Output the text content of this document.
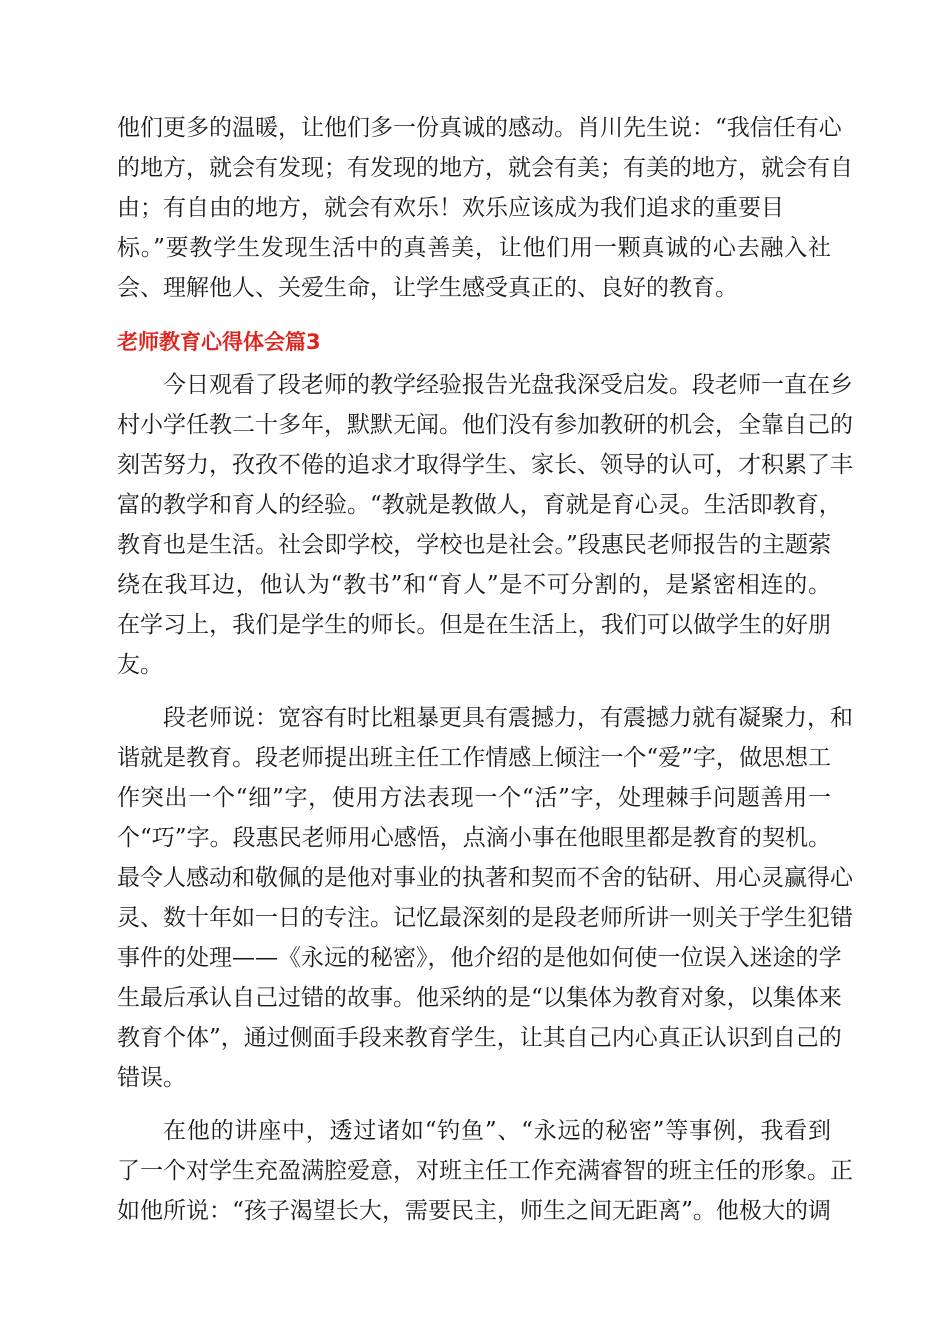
他们更多的温暖，让他们多一份真诚的感动。肖川先生说：“我信任有心
的地方，就会有发现；有发现的地方，就会有美；有美的地方，就会有自
由；有自由的地方，就会有欢乐！欢乐应该成为我们追求的重要目
标。”要教学生发现生活中的真善美，让他们用一颗真诚的心去融入社
会、理解他人、关爱生命，让学生感受真正的、良好的教育。
老师教育心得体会篇3
今日观看了段老师的教学经验报告光盘我深受启发。段老师一直在乡
村小学任教二十多年，默默无闻。他们没有参加教研的机会，全靠自己的
刻苦努力，孜孜不倦的追求才取得学生、家长、领导的认可，才积累了丰
富的教学和育人的经验。“教就是教做人，育就是育心灵。生活即教育，
教育也是生活。社会即学校，学校也是社会。”段惠民老师报告的主题萦
绕在我耳边，他认为“教书”和“育人”是不可分割的，是紧密相连的。
在学习上，我们是学生的师长。但是在生活上，我们可以做学生的好朋
友。
段老师说：宽容有时比粗暴更具有震撼力，有震撼力就有凝聚力，和
谐就是教育。段老师提出班主任工作情感上倾注一个“爱”字，做思想工
作突出一个“细”字，使用方法表现一个“活”字，处理棘手问题善用一
个“巧”字。段惠民老师用心感悟，点滴小事在他眼里都是教育的契机。
最令人感动和敬佩的是他对事业的执著和契而不舍的钻研、用心灵赢得心
灵、数十年如一日的专注。记忆最深刻的是段老师所讲一则关于学生犯错
事件的处理——《永远的秘密》，他介绍的是他如何使一位误入迷途的学
生最后承认自己过错的故事。他采纳的是“以集体为教育对象，以集体来
教育个体”，通过侧面手段来教育学生，让其自己内心真正认识到自己的
错误。
在他的讲座中，透过诸如“钓鱼”、“永远的秘密”等事例，我看到
了一个对学生充盈满腔爱意，对班主任工作充满睿智的班主任的形象。正
如他所说：“孩子渴望长大，需要民主，师生之间无距离”。他极大的调
